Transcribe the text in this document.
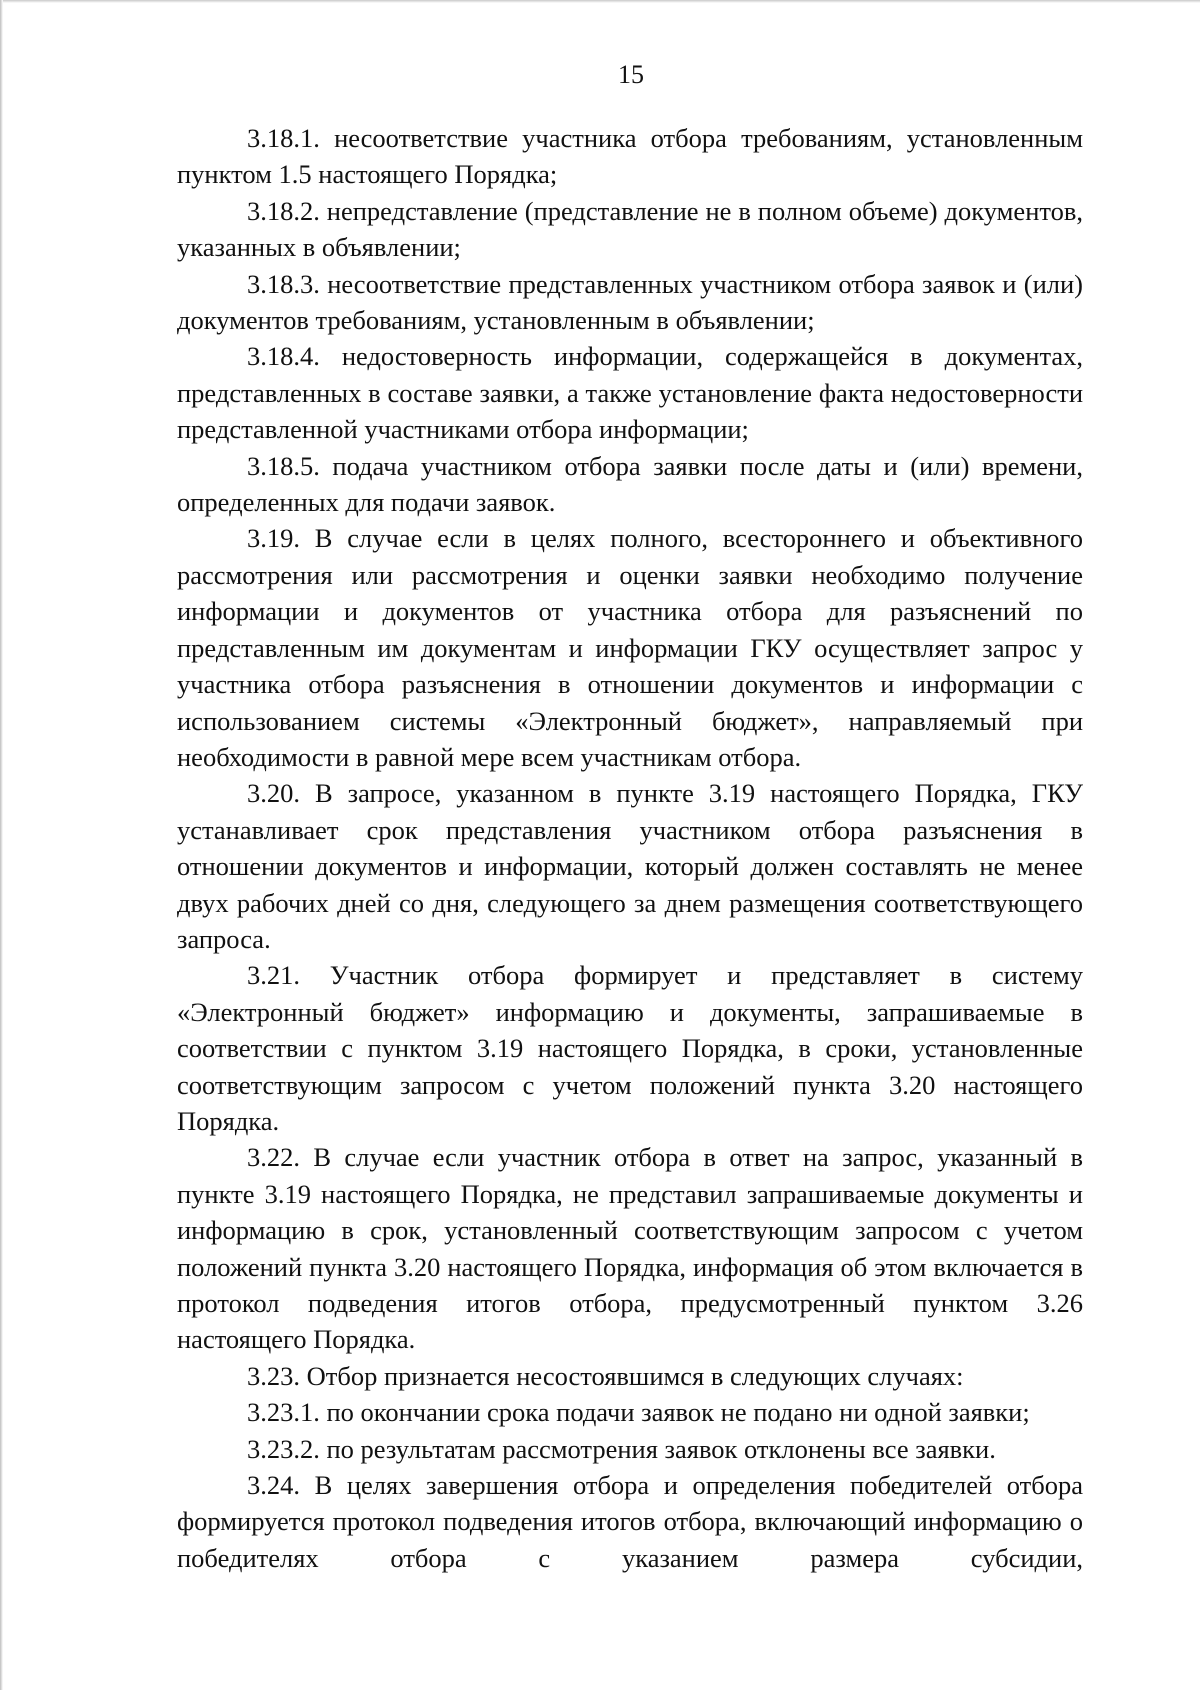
15

3.18.1. несоответствие участника отбора требованиям, установленным пунктом 1.5 настоящего Порядка;

3.18.2. непредставление (представление не в полном объеме) документов, указанных в объявлении;

3.18.3. несоответствие представленных участником отбора заявок и (или) документов требованиям, установленным в объявлении;

3.18.4. недостоверность информации, содержащейся в документах, представленных в составе заявки, а также установление факта недостоверности представленной участниками отбора информации;

3.18.5. подача участником отбора заявки после даты и (или) времени, определенных для подачи заявок.

3.19. В случае если в целях полного, всестороннего и объективного рассмотрения или рассмотрения и оценки заявки необходимо получение информации и документов от участника отбора для разъяснений по представленным им документам и информации ГКУ осуществляет запрос у участника отбора разъяснения в отношении документов и информации с использованием системы «Электронный бюджет», направляемый при необходимости в равной мере всем участникам отбора.

3.20. В запросе, указанном в пункте 3.19 настоящего Порядка, ГКУ устанавливает срок представления участником отбора разъяснения в отношении документов и информации, который должен составлять не менее двух рабочих дней со дня, следующего за днем размещения соответствующего запроса.

3.21. Участник отбора формирует и представляет в систему «Электронный бюджет» информацию и документы, запрашиваемые в соответствии с пунктом 3.19 настоящего Порядка, в сроки, установленные соответствующим запросом с учетом положений пункта 3.20 настоящего Порядка.

3.22. В случае если участник отбора в ответ на запрос, указанный в пункте 3.19 настоящего Порядка, не представил запрашиваемые документы и информацию в срок, установленный соответствующим запросом с учетом положений пункта 3.20 настоящего Порядка, информация об этом включается в протокол подведения итогов отбора, предусмотренный пунктом 3.26 настоящего Порядка.

3.23. Отбор признается несостоявшимся в следующих случаях:

3.23.1. по окончании срока подачи заявок не подано ни одной заявки;

3.23.2. по результатам рассмотрения заявок отклонены все заявки.

3.24. В целях завершения отбора и определения победителей отбора формируется протокол подведения итогов отбора, включающий информацию о победителях отбора с указанием размера субсидии,
